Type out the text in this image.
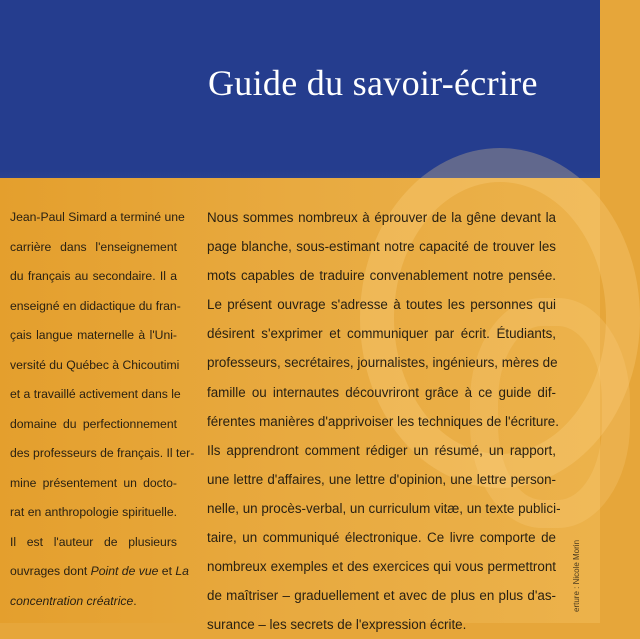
Guide du savoir-écrire
Jean-Paul Simard a terminé une
carrière dans l'enseignement
du français au secondaire. Il a
enseigné en didactique du fran-
çais langue maternelle à l'Uni-
versité du Québec à Chicoutimi
et a travaillé activement dans le
domaine du perfectionnement
des professeurs de français. Il ter-
mine présentement un docto-
rat en anthropologie spirituelle.
Il est l'auteur de plusieurs
ouvrages dont Point de vue et La
concentration créatrice.
Nous sommes nombreux à éprouver de la gêne devant la
page blanche, sous-estimant notre capacité de trouver les
mots capables de traduire convenablement notre pensée.
Le présent ouvrage s'adresse à toutes les personnes qui
désirent s'exprimer et communiquer par écrit. Étudiants,
professeurs, secrétaires, journalistes, ingénieurs, mères de
famille ou internautes découvriront grâce à ce guide dif-
férentes manières d'apprivoiser les techniques de l'écriture.
Ils apprendront comment rédiger un résumé, un rapport,
une lettre d'affaires, une lettre d'opinion, une lettre person-
nelle, un procès-verbal, un curriculum vitæ, un texte publici-
taire, un communiqué électronique. Ce livre comporte de
nombreux exemples et des exercices qui vous permettront
de maîtriser – graduellement et avec de plus en plus d'as-
surance – les secrets de l'expression écrite.
erture : Nicole Morin
